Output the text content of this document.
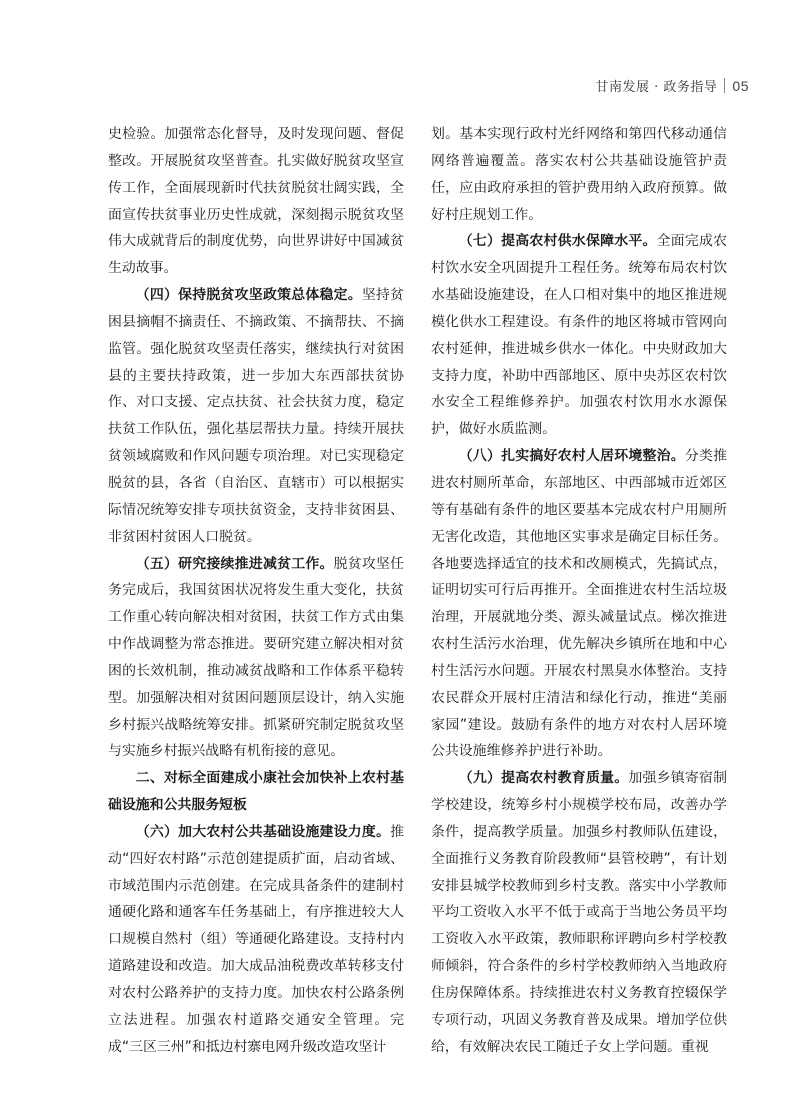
甘南发展 · 政务指导 05

史检验。加强常态化督导，及时发现问题、督促整改。开展脱贫攻坚普查。扎实做好脱贫攻坚宣传工作，全面展现新时代扶贫脱贫壮阔实践，全面宣传扶贫事业历史性成就，深刻揭示脱贫攻坚伟大成就背后的制度优势，向世界讲好中国减贫生动故事。

（四）保持脱贫攻坚政策总体稳定。坚持贫困县摘帽不摘责任、不摘政策、不摘帮扶、不摘监管。强化脱贫攻坚责任落实，继续执行对贫困县的主要扶持政策，进一步加大东西部扶贫协作、对口支援、定点扶贫、社会扶贫力度，稳定扶贫工作队伍，强化基层帮扶力量。持续开展扶贫领域腐败和作风问题专项治理。对已实现稳定脱贫的县，各省（自治区、直辖市）可以根据实际情况统筹安排专项扶贫资金，支持非贫困县、非贫困村贫困人口脱贫。

（五）研究接续推进减贫工作。脱贫攻坚任务完成后，我国贫困状况将发生重大变化，扶贫工作重心转向解决相对贫困，扶贫工作方式由集中作战调整为常态推进。要研究建立解决相对贫困的长效机制，推动减贫战略和工作体系平稳转型。加强解决相对贫困问题顶层设计，纳入实施乡村振兴战略统筹安排。抓紧研究制定脱贫攻坚与实施乡村振兴战略有机衔接的意见。

二、对标全面建成小康社会加快补上农村基础设施和公共服务短板

（六）加大农村公共基础设施建设力度。推动“四好农村路”示范创建提质扩面，启动省域、市域范围内示范创建。在完成具备条件的建制村通硬化路和通客车任务基础上，有序推进较大人口规模自然村（组）等通硬化路建设。支持村内道路建设和改造。加大成品油税费改革转移支付对农村公路养护的支持力度。加快农村公路条例立法进程。加强农村道路交通安全管理。完成“三区三州”和抵边村寨电网升级改造攻坚计

划。基本实现行政村光纤网络和第四代移动通信网络普遍覆盖。落实农村公共基础设施管护责任，应由政府承担的管护费用纳入政府预算。做好村庄规划工作。

（七）提高农村供水保障水平。全面完成农村饮水安全巩固提升工程任务。统筹布局农村饮水基础设施建设，在人口相对集中的地区推进规模化供水工程建设。有条件的地区将城市管网向农村延伸，推进城乡供水一体化。中央财政加大支持力度，补助中西部地区、原中央苏区农村饮水安全工程维修养护。加强农村饮用水水源保护，做好水质监测。

（八）扎实搞好农村人居环境整治。分类推进农村厕所革命，东部地区、中西部城市近郊区等有基础有条件的地区要基本完成农村户用厕所无害化改造，其他地区实事求是确定目标任务。各地要选择适宜的技术和改厕模式，先搞试点，证明切实可行后再推开。全面推进农村生活垃圾治理，开展就地分类、源头减量试点。梯次推进农村生活污水治理，优先解决乡镇所在地和中心村生活污水问题。开展农村黑臭水体整治。支持农民群众开展村庄清洁和绿化行动，推进“美丽家园”建设。鼓励有条件的地方对农村人居环境公共设施维修养护进行补助。

（九）提高农村教育质量。加强乡镇寄宿制学校建设，统筹乡村小规模学校布局，改善办学条件，提高教学质量。加强乡村教师队伍建设，全面推行义务教育阶段教师“县管校聘”，有计划安排县城学校教师到乡村支教。落实中小学教师平均工资收入水平不低于或高于当地公务员平均工资收入水平政策，教师职称评聘向乡村学校教师倾斜，符合条件的乡村学校教师纳入当地政府住房保障体系。持续推进农村义务教育控辍保学专项行动，巩固义务教育普及成果。增加学位供给，有效解决农民工随迁子女上学问题。重视
